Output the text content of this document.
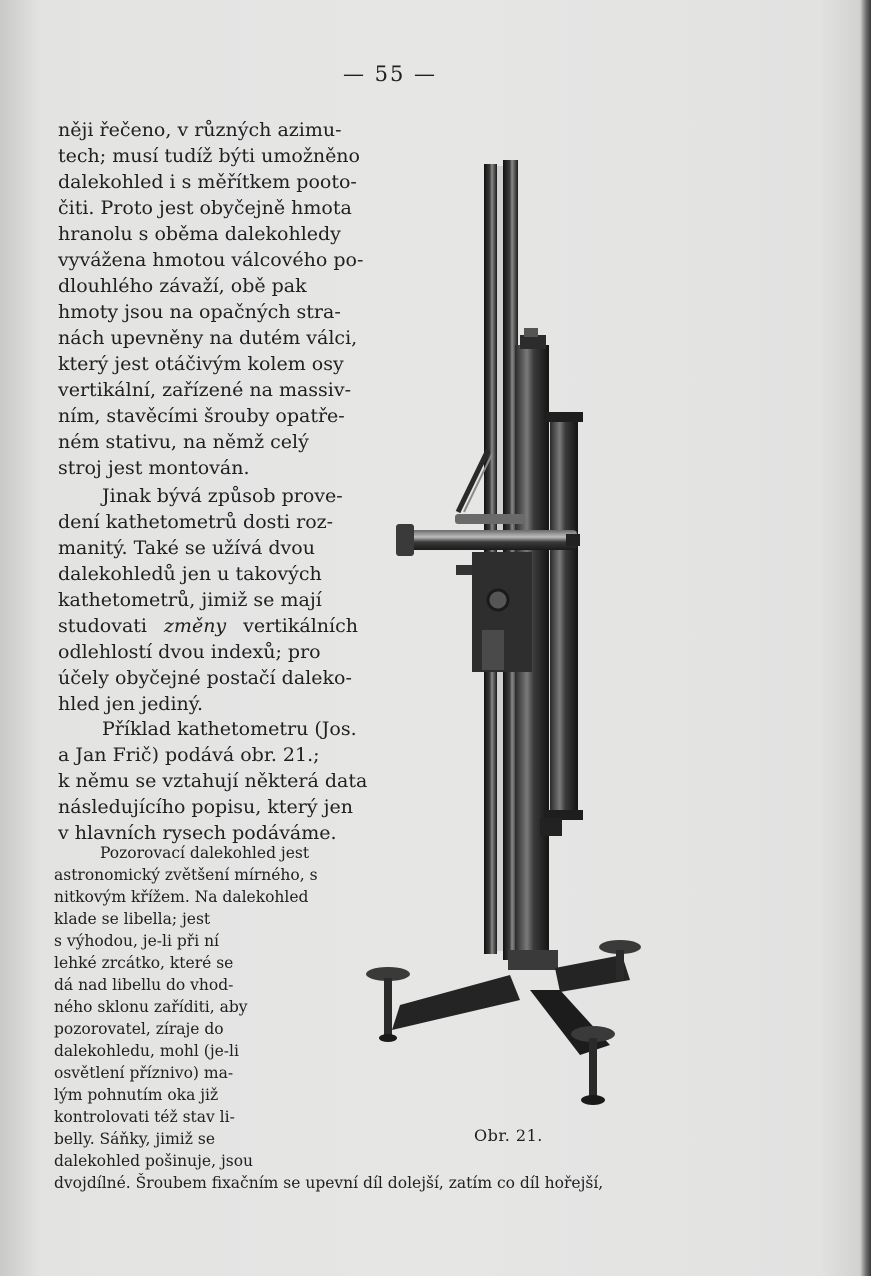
— 55 —
něji řečeno, v různých azimu-
tech; musí tudíž býti umožněno
dalekohled i s měřítkem pooto-
čiti. Proto jest obyčejně hmota
hranolu s oběma dalekohledy
vyvážena hmotou válcového po-
dlouhlého závaží, obě pak
hmoty jsou na opačných stra-
nách upevněny na dutém válci,
který jest otáčivým kolem osy
vertikální, zařízené na massiv-
ním, stavěcími šrouby opatře-
ném stativu, na němž celý
stroj jest montován.
Jinak bývá způsob prove-
dení kathetometrů dosti roz-
manitý. Také se užívá dvou
dalekohledů jen u takových
kathetometrů, jimiž se mají
studovati změny vertikálních
odlehlostí dvou indexů; pro
účely obyčejné postačí daleko-
hled jen jediný.
Příklad kathetometru (Jos.
a Jan Frič) podává obr. 21.;
k němu se vztahují některá data
následujícího popisu, který jen
v hlavních rysech podáváme.
Pozorovací dalekohled jest
astronomický zvětšení mírného, s
nitkovým křížem. Na dalekohled
klade se libella; jest
s výhodou, je-li při ní
lehké zrcátko, které se
dá nad libellu do vhod-
ného sklonu zaříditi, aby
pozorovatel, zíraje do
dalekohledu, mohl (je-li
osvětlení příznivo) ma-
lým pohnutím oka již
kontrolovati též stav li-
belly. Sáňky, jimiž se
dalekohled pošinuje, jsou
dvojdílné. Šroubem fixačním se upevní díl dolejší, zatím co díl hořejší,
Obr. 21.
